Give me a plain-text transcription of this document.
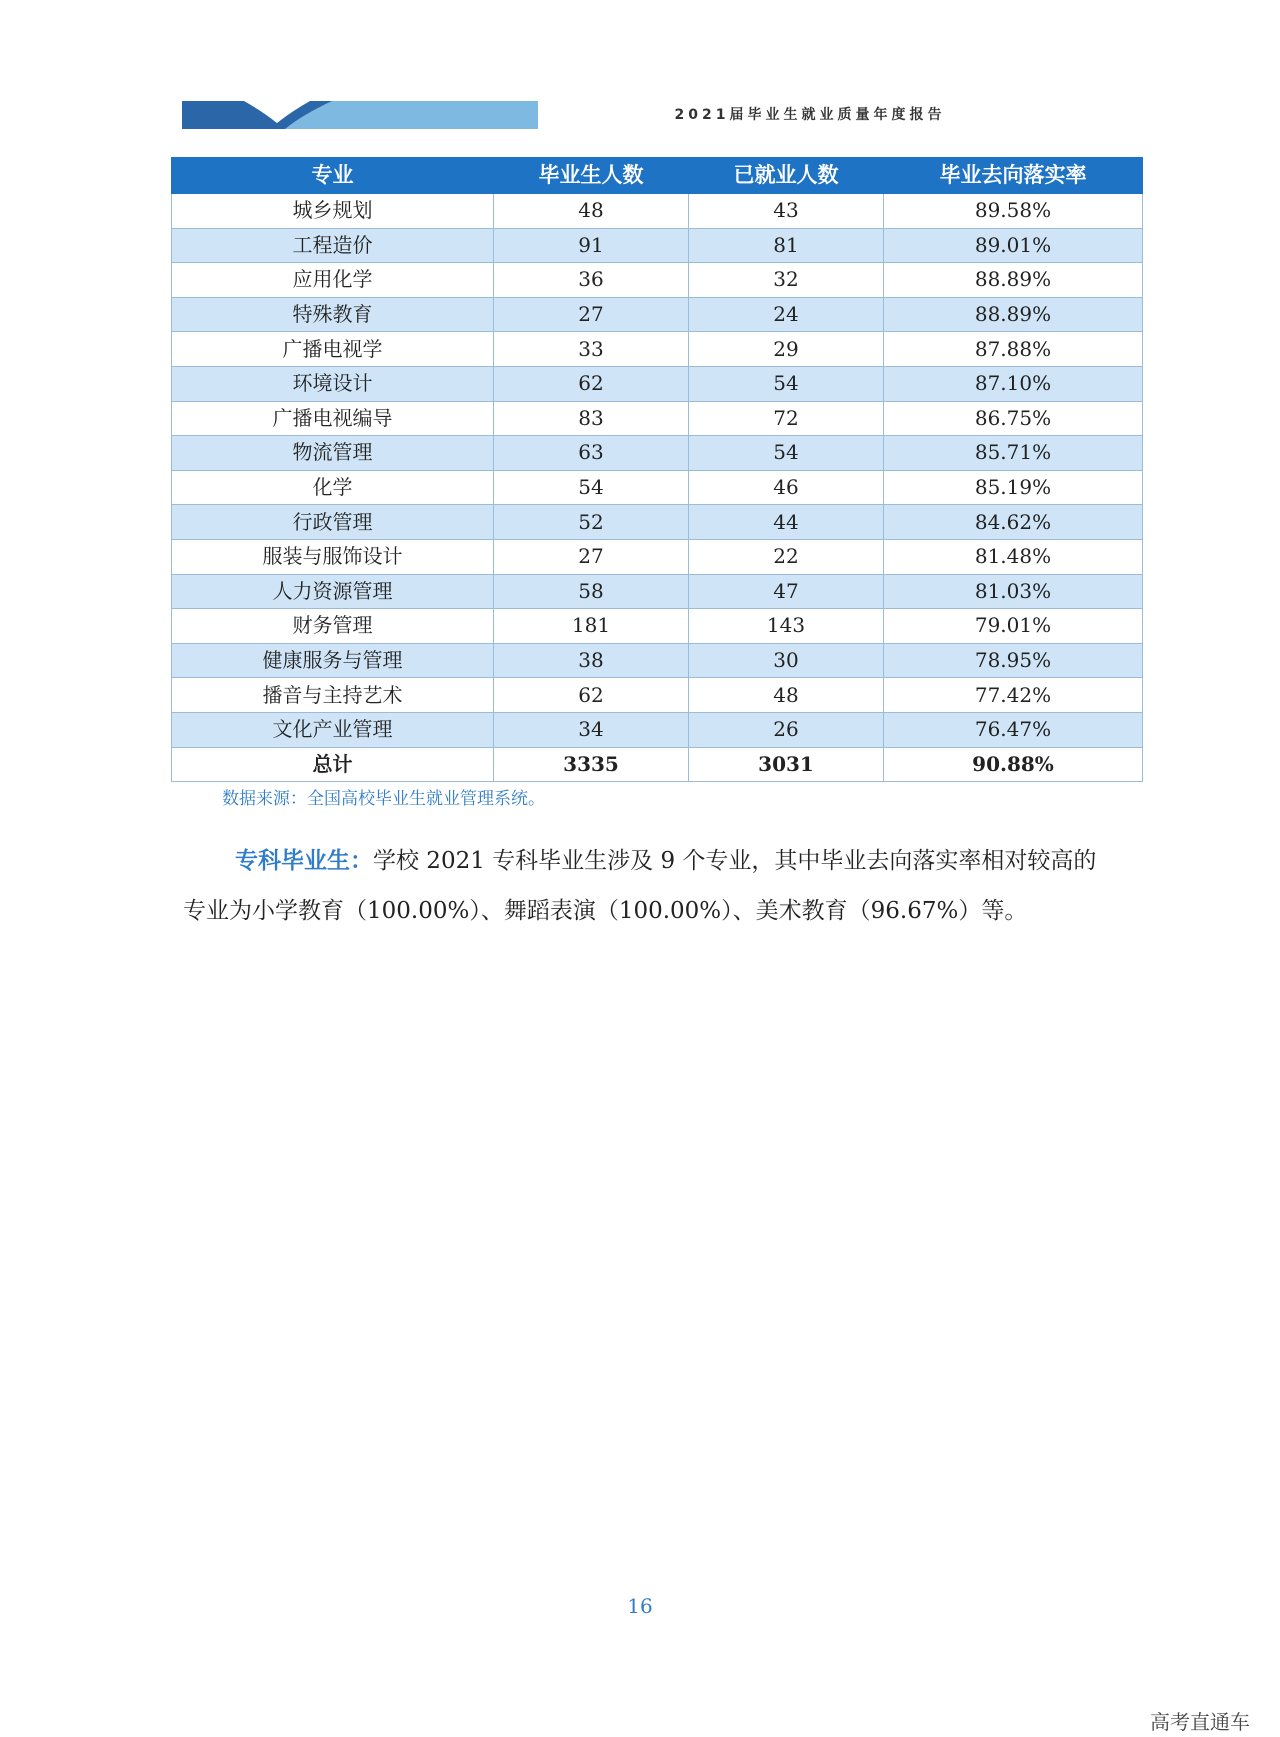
2021届毕业生就业质量年度报告
专业	毕业生人数	已就业人数	毕业去向落实率
城乡规划	48	43	89.58%
工程造价	91	81	89.01%
应用化学	36	32	88.89%
特殊教育	27	24	88.89%
广播电视学	33	29	87.88%
环境设计	62	54	87.10%
广播电视编导	83	72	86.75%
物流管理	63	54	85.71%
化学	54	46	85.19%
行政管理	52	44	84.62%
服装与服饰设计	27	22	81.48%
人力资源管理	58	47	81.03%
财务管理	181	143	79.01%
健康服务与管理	38	30	78.95%
播音与主持艺术	62	48	77.42%
文化产业管理	34	26	76.47%
总计	3335	3031	90.88%
数据来源：全国高校毕业生就业管理系统。
专科毕业生：学校 2021 专科毕业生涉及 9 个专业，其中毕业去向落实率相对较高的专业为小学教育（100.00%）、舞蹈表演（100.00%）、美术教育（96.67%）等。
16
高考直通车
